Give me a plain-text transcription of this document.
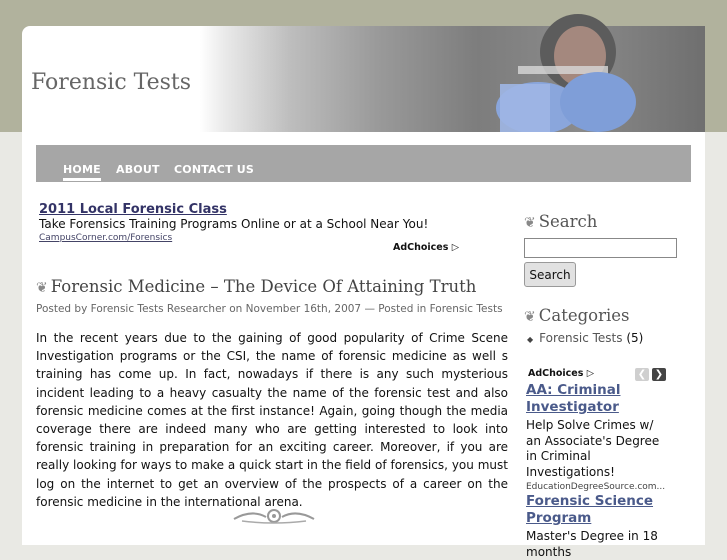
Forensic Tests
HOME ABOUT CONTACT US
2011 Local Forensic Class
Take Forensics Training Programs Online or at a School Near You!
CampusCorner.com/Forensics
AdChoices ▷
❦ Forensic Medicine – The Device Of Attaining Truth
Posted by Forensic Tests Researcher on November 16th, 2007 — Posted in Forensic Tests
In the recent years due to the gaining of good popularity of Crime Scene Investigation programs or the CSI, the name of forensic medicine as well s training has come up. In fact, nowadays if there is any such mysterious incident leading to a heavy casualty the name of the forensic test and also forensic medicine comes at the first instance! Again, going though the media coverage there are indeed many who are getting interested to look into forensic training in preparation for an exciting career. Moreover, if you are really looking for ways to make a quick start in the field of forensics, you must log on the internet to get an overview of the prospects of a career on the forensic medicine in the international arena.
❦ Search
Search
❦ Categories
◆ Forensic Tests (5)
AdChoices ▷	❮ ❯
AA: Criminal Investigator
Help Solve Crimes w/ an Associate's Degree in Criminal Investigations!
EducationDegreeSource.com...
Forensic Science Program
Master's Degree in 18 months
